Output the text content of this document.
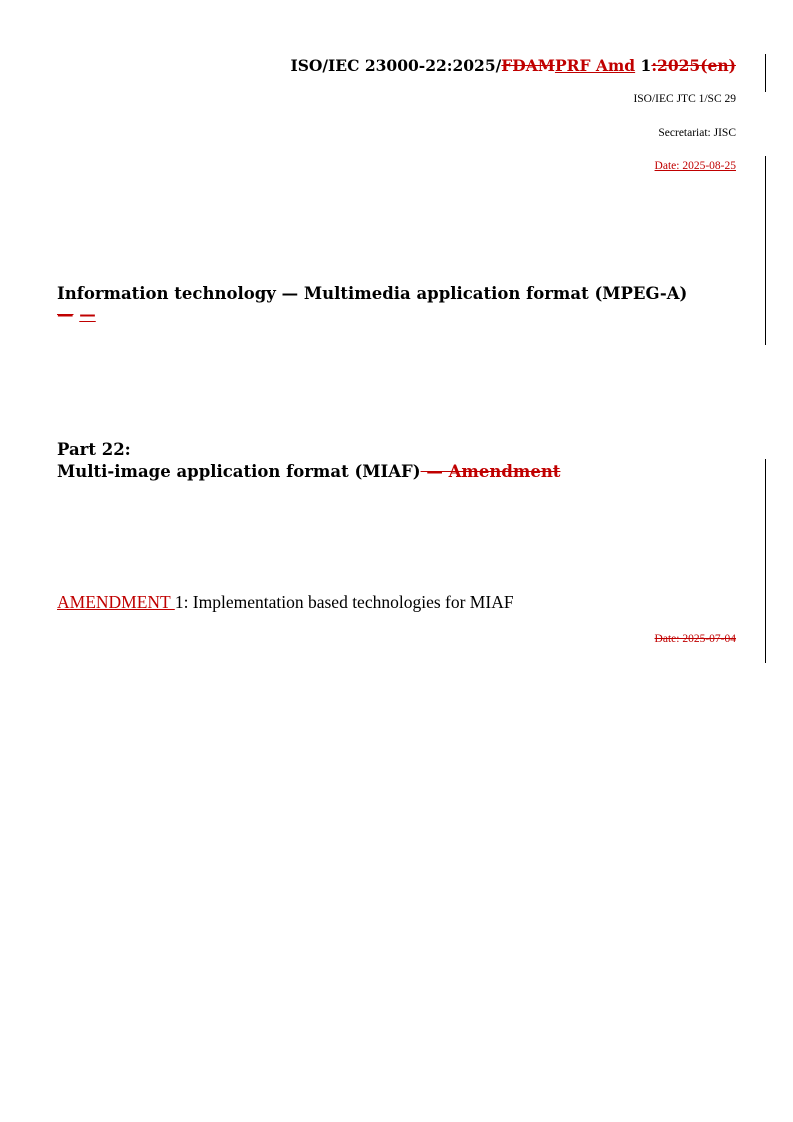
ISO/IEC 23000-22:2025/FDAMPRF Amd 1:2025(en)
ISO/IEC JTC 1/SC 29
Secretariat: JISC
Date: 2025-08-25
Information technology — Multimedia application format (MPEG-A)
— —
Part 22:
Multi-image application format (MIAF) — Amendment
AMENDMENT 1: Implementation based technologies for MIAF
Date: 2025-07-04
